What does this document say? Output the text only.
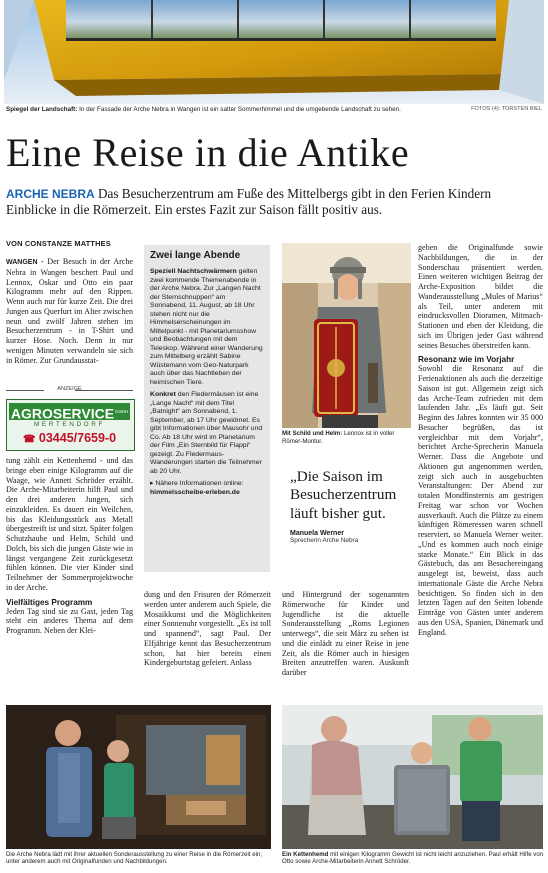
Spiegel der Landschaft: In der Fassade der Arche Nebra in Wangen ist ein satter Sommerhimmel und die umgebende Landschaft zu sehen.	FOTOS (4): TORSTEN BIEL
Eine Reise in die Antike
ARCHE NEBRA Das Besucherzentrum am Fuße des Mittelbergs gibt in den Ferien Kindern Einblicke in die Römerzeit. Ein erstes Fazit zur Saison fällt positiv aus.
VON CONSTANZE MATTHES

WANGEN - Der Besuch in der Arche Nebra in Wangen beschert Paul und Lennox, Oskar und Otto ein paar Kilogramm mehr auf den Rippen. Wenn auch nur für kurze Zeit. Die drei Jungen aus Querfurt im Alter zwischen neun und zwölf Jahren stehen im Besucherzentrum - in T-Shirt und kurzer Hose. Noch. Denn in nur wenigen Minuten verwandeln sie sich in Römer. Zur Grundausstat-

ANZEIGE
$AGROSERVICE^{GmbH}$
MERTENDORF
☎ 03445/7659-0

tung zählt ein Kettenhemd - und das bringe eben einige Kilogramm auf die Waage, wie Annett Schröder erzählt. Die Arche-Mitarbeiterin hilft Paul und den drei anderen Jungen, sich einzukleiden. Es dauert ein Weilchen, bis das Kleidungsstück aus Metall übergestreift ist und sitzt. Später folgen Schutzhaube und Helm, Schild und Dolch, bis sich die jungen Gäste wie in längst vergangene Zeit zurückgesetzt fühlen können. Die vier Kinder sind Teilnehmer der Sommerprojektwoche in der Arche.

Vielfältiges Programm

Jeden Tag sind sie zu Gast, jeden Tag steht ein anderes Thema auf dem Programm. Neben der Klei-

Zwei lange Abende

Speziell Nachtschwärmern gelten zwei kommende Themenabende in der Arche Nebra. Zur „Langen Nacht der Sternschnuppen“ am Sonnabend, 11. August, ab 18 Uhr stehen nicht nur die Himmelserscheinungen im Mittelpunkt - mit Planetariumsshow und Beobachtungen mit dem Teleskop. Während einer Wanderung zum Mittelberg erzählt Sabine Wüstemann vom Geo-Naturpark auch über das Nachtleben der heimischen Tiere.

Konkret den Fledermäusen ist eine „Lange Nacht“ mit dem Titel „Batnight“ am Sonnabend, 1. September, ab 17 Uhr gewidmet. Es gibt Informationen über Mausohr und Co. Ab 18 Uhr wird im Planetarium der Film „Ein Sternbild für Flappi“ gezeigt. Zu Fledermaus-Wanderungen starten die Teilnehmer ab 20 Uhr.

▸ Nähere Informationen online:
himmelsscheibe-erleben.de

dung und den Frisuren der Römerzeit werden unter anderem auch Spiele, die Mosaikkunst und die Möglichkeiten einer Sonnenuhr vorgestellt. „Es ist toll und spannend“, sagt Paul. Der Elfjährige kennt das Besucherzentrum schon, hat hier bereits einen Kindergeburtstag gefeiert. Anlass

Mit Schild und Helm: Lennox ist in voller Römer-Montur.
„Die Saison im Besucherzentrum läuft bisher gut.
Manuela Werner
Sprecherin Arche Nebra

und Hintergrund der sogenannten Römerwoche für Kinder und Jugendliche ist die aktuelle Sonderausstellung „Roms Legionen unterwegs“, die seit März zu sehen ist und die einlädt zu einer Reise in jene Zeit, als die Römer auch in hiesigen Breiten anzutreffen waren. Auskunft darüber

geben die Originalfunde sowie Nachbildungen, die in der Sonderschau präsentiert werden. Einen weiteren wichtigen Beitrag der Arche-Exposition bildet die Wanderausstellung „Mules of Marius“ als Teil, unter anderem mit eindrucksvollen Dioramen, Mitmach-Stationen und eben der Kleidung, die sich im Übrigen jeder Gast während seines Besuches überstreifen kann.

Resonanz wie im Vorjahr

Sowohl die Resonanz auf die Ferienaktionen als auch die derzeitige Saison ist gut. Allgemein zeigt sich das Arche-Team zufrieden mit dem laufenden Jahr. „Es läuft gut. Seit Beginn des Jahres konnten wir 35 000 Besucher begrüßen, das ist vergleichbar mit dem Vorjahr“, berichtet Arche-Sprecherin Manuela Werner. Dass die Angebote und Aktionen gut angenommen werden, zeigt sich auch in ausgebuchten Veranstaltungen: Der Abend zur totalen Mondfinsternis am gestrigen Freitag war schon vor Wochen ausverkauft. Auch die Plätze zu einem künftigen Römeressen waren schnell reserviert, so Manuela Werner weiter. „Und es kommen auch noch einige starke Monate.“ Ein Blick in das Gästebuch, das am Besuchereingang ausgelegt ist, beweist, dass auch internationale Gäste die Arche Nebra besichtigen. So finden sich in den letzten Tagen auf den Seiten lobende Einträge von Gästen unter anderem aus den USA, Spanien, Dänemark und England.

Die Arche Nebra lädt mit ihrer aktuellen Sonderausstellung zu einer Reise in die Römerzeit ein; unter anderem auch mit Originalfunden und Nachbildungen.
Ein Kettenhemd mit einigen Kilogramm Gewicht ist nicht leicht anzuziehen. Paul erhält Hilfe von Otto sowie Arche-Mitarbeiterin Annett Schröder.
